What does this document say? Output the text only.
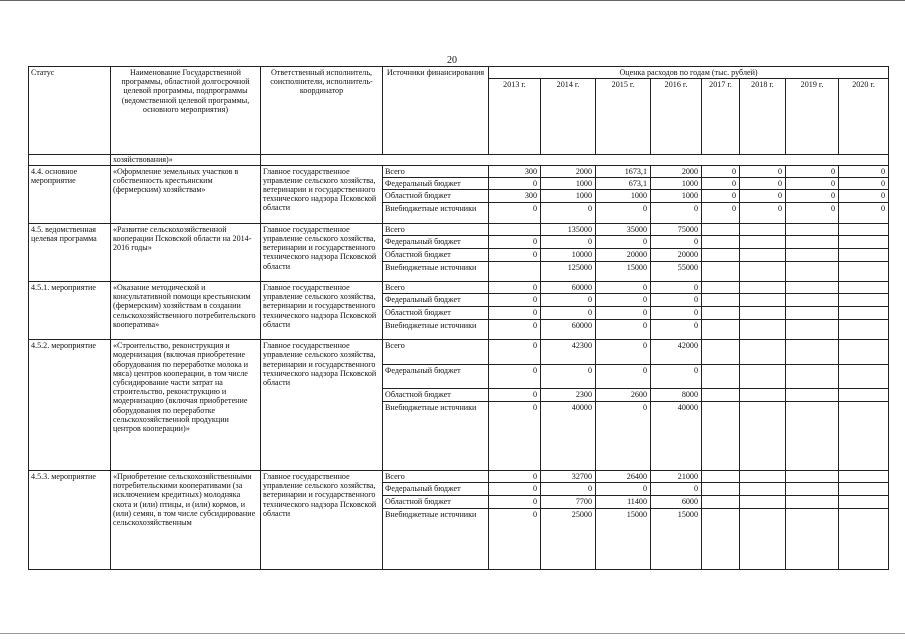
20
Статус	Наименование Государственной программы, областной долгосрочной целевой программы, подпрограммы (ведомственной целевой программы, основного мероприятия)	Ответственный исполнитель, соисполнители, исполнитель-координатор	Источники финансирования	Оценка расходов по годам (тыс. рублей)							
				2013 г.	2014 г.	2015 г.	2016 г.	2017 г.	2018 г.	2019 г.	2020 г.
	хозяйствования)»										
4.4. основное мероприятие	«Оформление земельных участков в собственность крестьянским (фермерским) хозяйствам»	Главное государственное управление сельского хозяйства, ветеринарии и государственного технического надзора Псковской области	Всего	300	2000	1673,1	2000	0	0	0	0
			Федеральный бюджет	0	1000	673,1	1000	0	0	0	0
			Областной бюджет	300	1000	1000	1000	0	0	0	0
			Внебюджетные источники	0	0	0	0	0	0	0	0
4.5. ведомственная целевая программа	«Развитие сельскохозяйственной кооперации Псковской области на 2014-2016 годы»	Главное государственное управление сельского хозяйства, ветеринарии и государственного технического надзора Псковской области	Всего		135000	35000	75000				
			Федеральный бюджет	0	0	0	0				
			Областной бюджет	0	10000	20000	20000				
			Внебюджетные источники		125000	15000	55000				
4.5.1. мероприятие	«Оказание методической и консультативной помощи крестьянским (фермерским) хозяйствам в создании сельскохозяйственного потребительского кооператива»	Главное государственное управление сельского хозяйства, ветеринарии и государственного технического надзора Псковской области	Всего	0	60000	0	0				
			Федеральный бюджет	0	0	0	0				
			Областной бюджет	0	0	0	0				
			Внебюджетные источники	0	60000	0	0				
4.5.2. мероприятие	«Строительство, реконструкция и модернизация (включая приобретение оборудования по переработке молока и мяса) центров кооперации, в том числе субсидирование части затрат на строительство, реконструкцию и модернизацию (включая приобретение оборудования по переработке сельскохозяйственной продукции центров кооперации)»	Главное государственное управление сельского хозяйства, ветеринарии и государственного технического надзора Псковской области	Всего	0	42300	0	42000				
			Федеральный бюджет	0	0	0	0				
			Областной бюджет	0	2300	2600	8000				
			Внебюджетные источники	0	40000	0	40000				
4.5.3. мероприятие	«Приобретение сельскохозяйственными потребительскими кооперативами (за исключением кредитных) молодняка скота и (или) птицы, и (или) кормов, и (или) семян, в том числе субсидирование сельскохозяйственным	Главное государственное управление сельского хозяйства, ветеринарии и государственного технического надзора Псковской области	Всего	0	32700	26400	21000				
			Федеральный бюджет	0	0	0	0				
			Областной бюджет	0	7700	11400	6000				
			Внебюджетные источники	0	25000	15000	15000				
